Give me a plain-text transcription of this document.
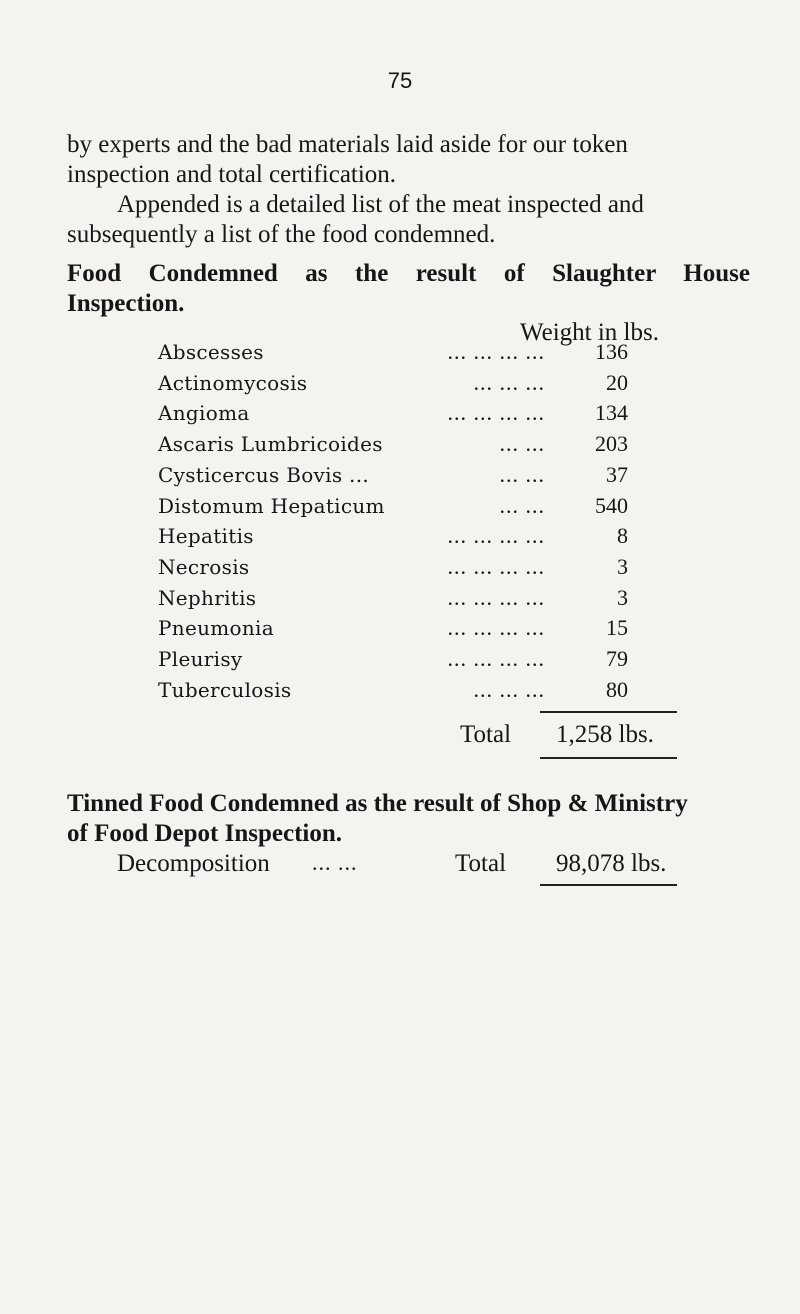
75
by experts and the bad materials laid aside for our token
inspection and total certification.
Appended is a detailed list of the meat inspected and
subsequently a list of the food condemned.
Food Condemned as the result of Slaughter House
Inspection.
Weight in lbs.
Abscesses	... ... ... ...	136
Actinomycosis	... ... ...	20
Angioma	... ... ... ...	134
Ascaris Lumbricoides	... ...	203
Cysticercus Bovis ...	... ...	37
Distomum Hepaticum	... ...	540
Hepatitis	... ... ... ...	8
Necrosis	... ... ... ...	3
Nephritis	... ... ... ...	3
Pneumonia	... ... ... ...	15
Pleurisy	... ... ... ...	79
Tuberculosis	... ... ...	80
Total 1,258 lbs.
Tinned Food Condemned as the result of Shop & Ministry
of Food Depot Inspection.
Decomposition ... ...	Total 98,078 lbs.
